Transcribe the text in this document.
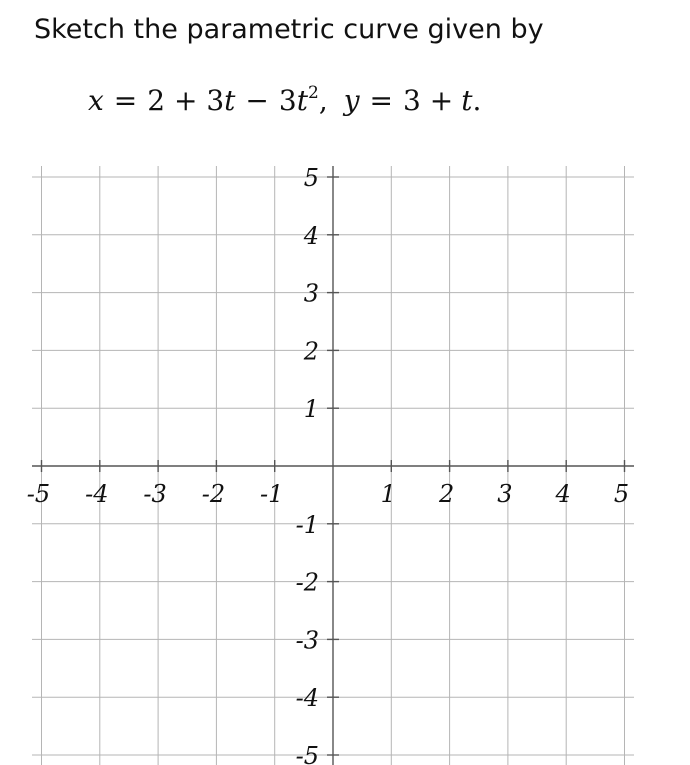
Sketch the parametric curve given by
$x = 2 + 3t - 3t^2$, y = 3 + t.
-5 -4 -3 -2 -1	1 2 3 4 5
5
4
3
2
1
-1
-2
-3
-4
-5
